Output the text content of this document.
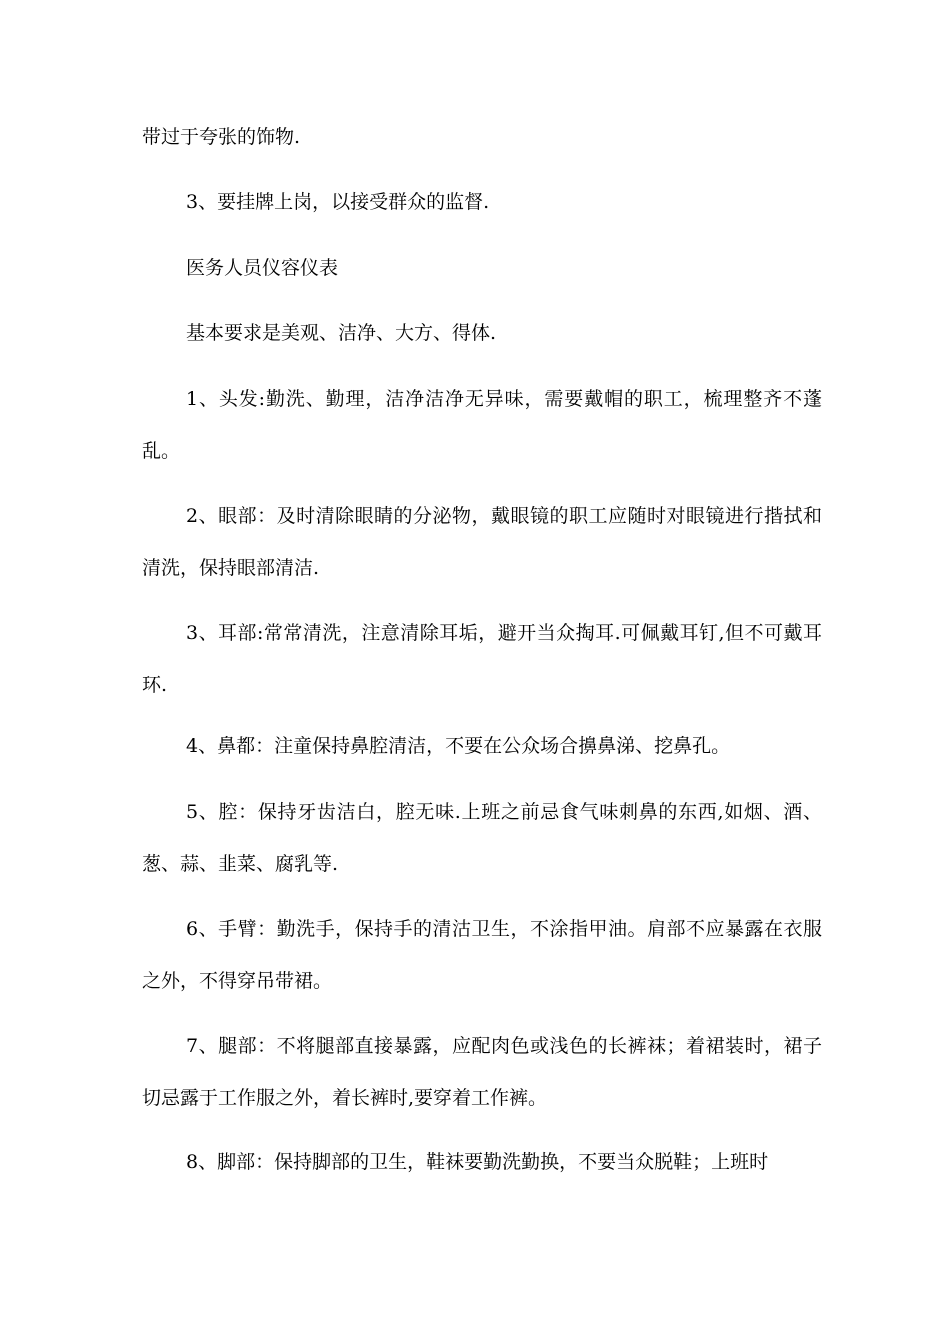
带过于夸张的饰物.

3、要挂牌上岗，以接受群众的监督.

医务人员仪容仪表

基本要求是美观、洁净、大方、得体.

1、头发:勤洗、勤理，洁净洁净无异味，需要戴帽的职工，梳理整齐不蓬乱。

2、眼部：及时清除眼睛的分泌物，戴眼镜的职工应随时对眼镜进行揩拭和清洗，保持眼部清洁.

3、耳部:常常清洗，注意清除耳垢，避开当众掏耳.可佩戴耳钉,但不可戴耳环.

4、鼻都：注童保持鼻腔清洁，不要在公众场合擤鼻涕、挖鼻孔。

5、腔：保持牙齿洁白，腔无味.上班之前忌食气味刺鼻的东西,如烟、酒、葱、蒜、韭菜、腐乳等.

6、手臂：勤洗手，保持手的清沽卫生，不涂指甲油。肩部不应暴露在衣服之外，不得穿吊带裙。

7、腿部：不将腿部直接暴露，应配肉色或浅色的长裤袜；着裙装时，裙子切忌露于工作服之外，着长裤时,要穿着工作裤。

8、脚部：保持脚部的卫生，鞋袜要勤洗勤换，不要当众脱鞋；上班时
